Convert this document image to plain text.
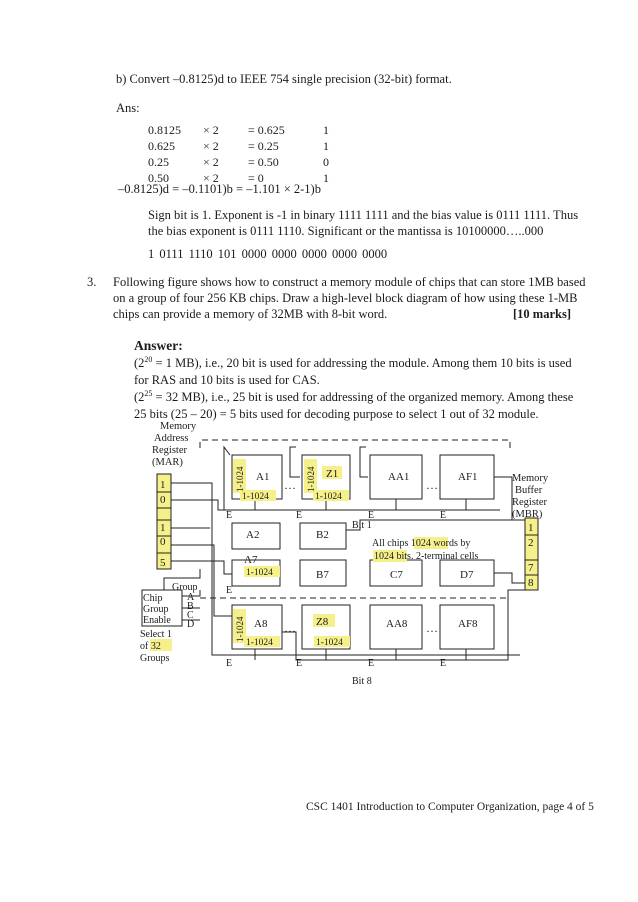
b) Convert –0.8125)d to IEEE 754 single precision (32-bit) format.
Ans:
0.8125	× 2	= 0.625	1
0.625	× 2	= 0.25	1
0.25	× 2	= 0.50	0
0.50	× 2	= 0	1
–0.8125)d = –0.1101)b = –1.101 × 2-1)b
Sign bit is 1. Exponent is -1 in binary 1111 1111 and the bias value is 0111 1111. Thus
the bias exponent is 0111 1110. Significant or the mantissa is 10100000…..000
1 0111 1110 101 0000 0000 0000 0000 0000
3. Following figure shows how to construct a memory module of chips that can store 1MB based
on a group of four 256 KB chips. Draw a high-level block diagram of how using these 1-MB
chips can provide a memory of 32MB with 8-bit word.	[10 marks]
Answer:
($2^{20} = 1$ MB), i.e., 20 bit is used for addressing the module. Among them 10 bits is used
for RAS and 10 bits is used for CAS.
($2^{25} = 32$ MB), i.e., 25 bit is used for addressing of the organized memory. Among these
25 bits (25 – 20) = 5 bits used for decoding purpose to select 1 out of 32 module.
Memory
Address
Register
(MAR)
Memory
Buffer
Register
(MBR)
1
0
1
0
5
1
2
7
8
A1	Z1	AA1	AF1
A2	B2
A7
B7	C7	D7
A8	Z8	AA8	AF8
1-1024	1-1024
1-1024
1-1024	1-1024
1-1024
1-1024	1-1024
…	…
…	…
E	E	E	E
E
E	E	E	E
Bit 1
Bit 8
All chips 1024 words by
1024 bits. 2-terminal cells
Group
Chip
Group
Enable
A
B
C
D
Select 1
of 32
Groups
CSC 1401 Introduction to Computer Organization, page 4 of 5
